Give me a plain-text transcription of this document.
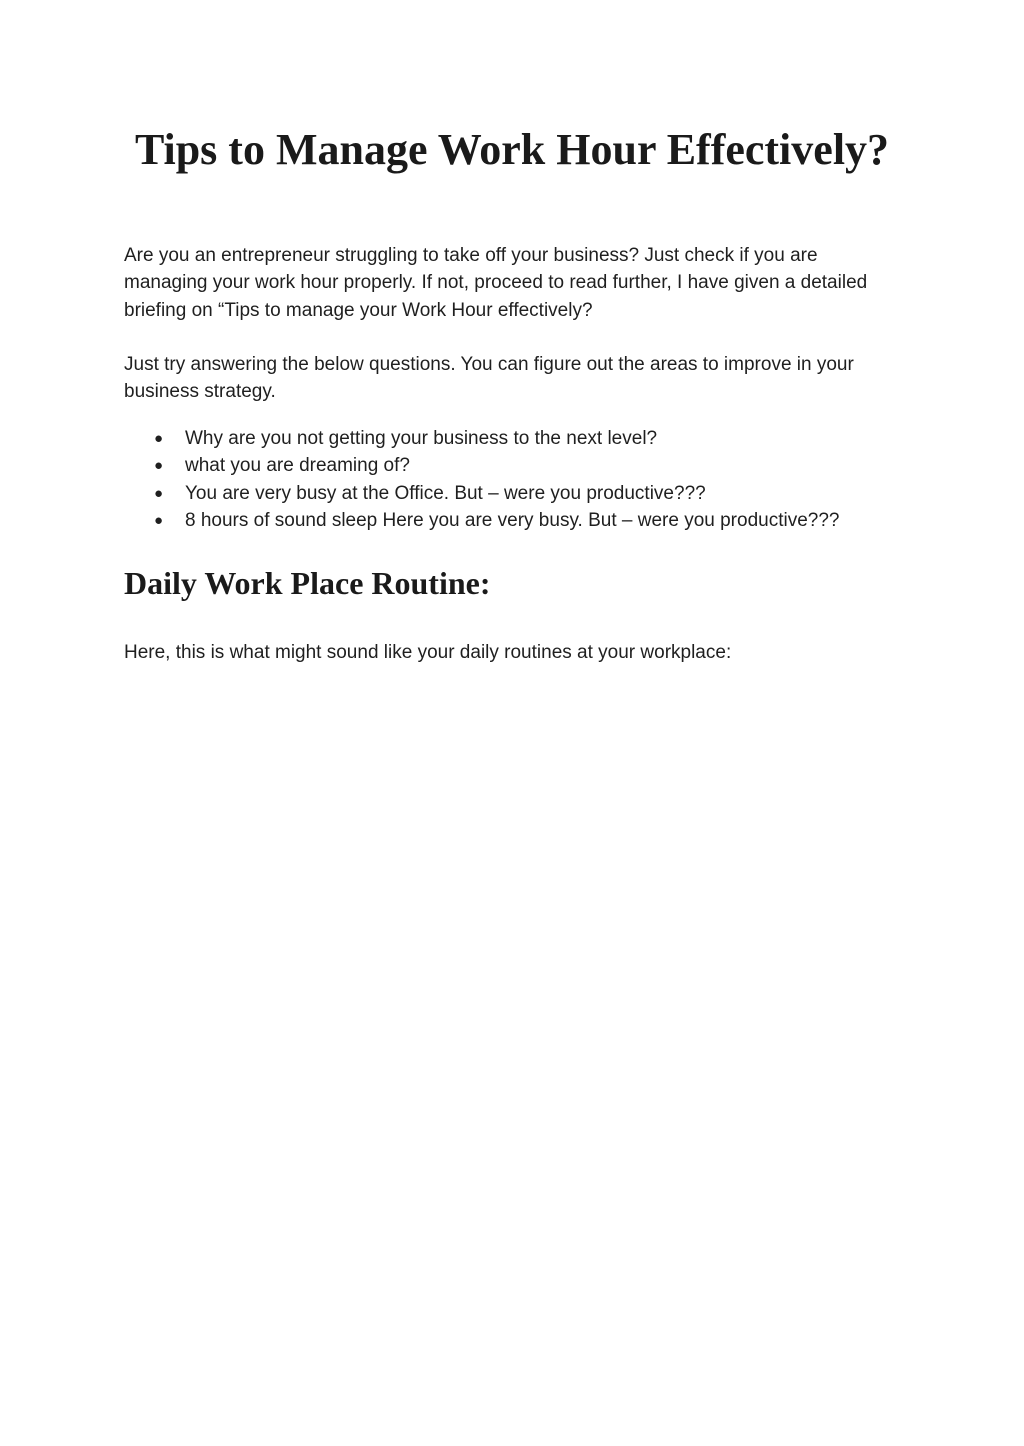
Tips to Manage Work Hour Effectively?

Are you an entrepreneur struggling to take off your business? Just check if you are managing your work hour properly. If not, proceed to read further, I have given a detailed briefing on “Tips to manage your Work Hour effectively?

Just try answering the below questions. You can figure out the areas to improve in your business strategy.

● Why are you not getting your business to the next level?
● what you are dreaming of?
● You are very busy at the Office. But – were you productive???
● 8 hours of sound sleep Here you are very busy. But – were you productive???
Daily Work Place Routine:

Here, this is what might sound like your daily routines at your workplace:
